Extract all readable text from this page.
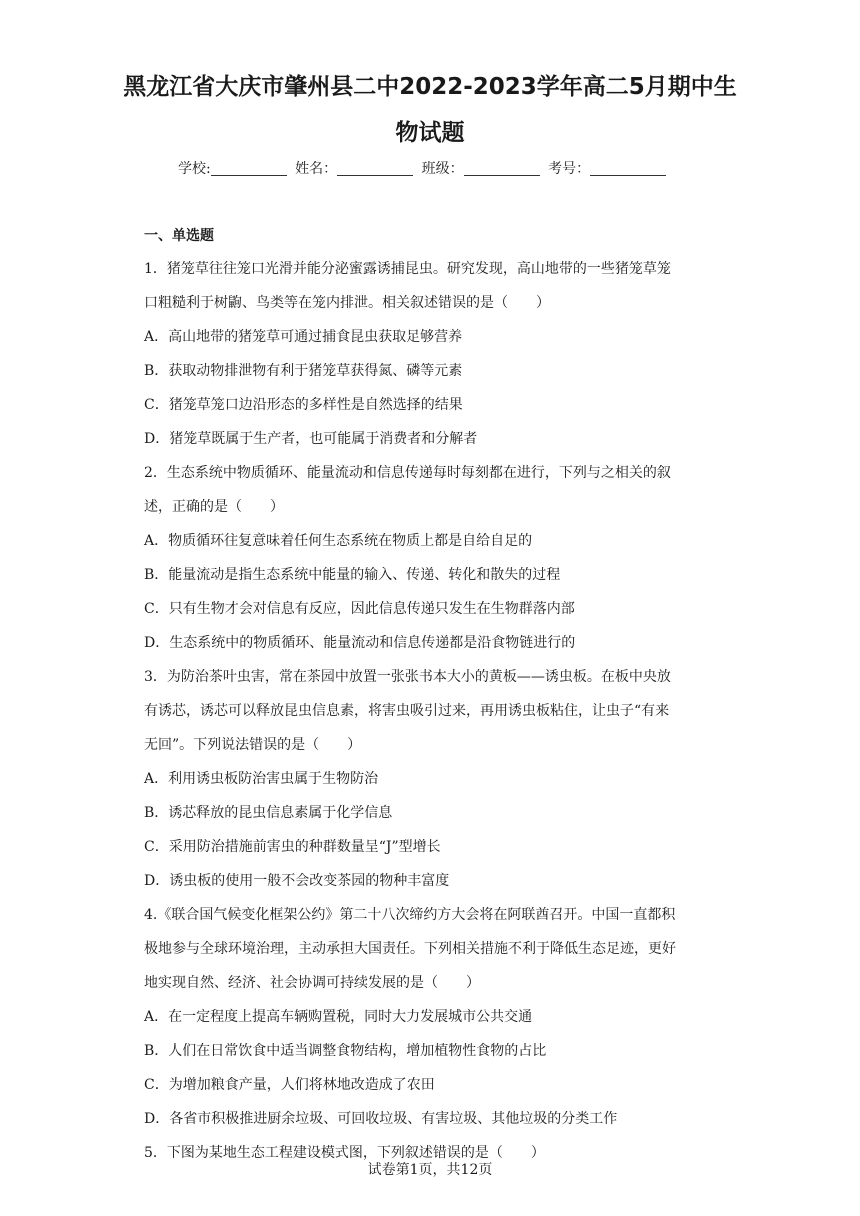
黑龙江省大庆市肇州县二中2022-2023学年高二5月期中生
物试题
学校:	姓名：	班级：	考号：
一、单选题

1．猪笼草往往笼口光滑并能分泌蜜露诱捕昆虫。研究发现，高山地带的一些猪笼草笼

口粗糙利于树鼩、鸟类等在笼内排泄。相关叙述错误的是（　　）

A．高山地带的猪笼草可通过捕食昆虫获取足够营养

B．获取动物排泄物有利于猪笼草获得氮、磷等元素

C．猪笼草笼口边沿形态的多样性是自然选择的结果

D．猪笼草既属于生产者，也可能属于消费者和分解者

2．生态系统中物质循环、能量流动和信息传递每时每刻都在进行，下列与之相关的叙

述，正确的是（　　）

A．物质循环往复意味着任何生态系统在物质上都是自给自足的

B．能量流动是指生态系统中能量的输入、传递、转化和散失的过程

C．只有生物才会对信息有反应，因此信息传递只发生在生物群落内部

D．生态系统中的物质循环、能量流动和信息传递都是沿食物链进行的

3．为防治茶叶虫害，常在茶园中放置一张张书本大小的黄板——诱虫板。在板中央放

有诱芯，诱芯可以释放昆虫信息素，将害虫吸引过来，再用诱虫板粘住，让虫子“有来

无回”。下列说法错误的是（　　）

A．利用诱虫板防治害虫属于生物防治

B．诱芯释放的昆虫信息素属于化学信息

C．采用防治措施前害虫的种群数量呈“J”型增长

D．诱虫板的使用一般不会改变茶园的物种丰富度

4.《联合国气候变化框架公约》第二十八次缔约方大会将在阿联酋召开。中国一直都积

极地参与全球环境治理，主动承担大国责任。下列相关措施不利于降低生态足迹，更好

地实现自然、经济、社会协调可持续发展的是（　　）

A．在一定程度上提高车辆购置税，同时大力发展城市公共交通

B．人们在日常饮食中适当调整食物结构，增加植物性食物的占比

C．为增加粮食产量，人们将林地改造成了农田

D．各省市积极推进厨余垃圾、可回收垃圾、有害垃圾、其他垃圾的分类工作

5．下图为某地生态工程建设模式图，下列叙述错误的是（　　）

试卷第1页，共12页
